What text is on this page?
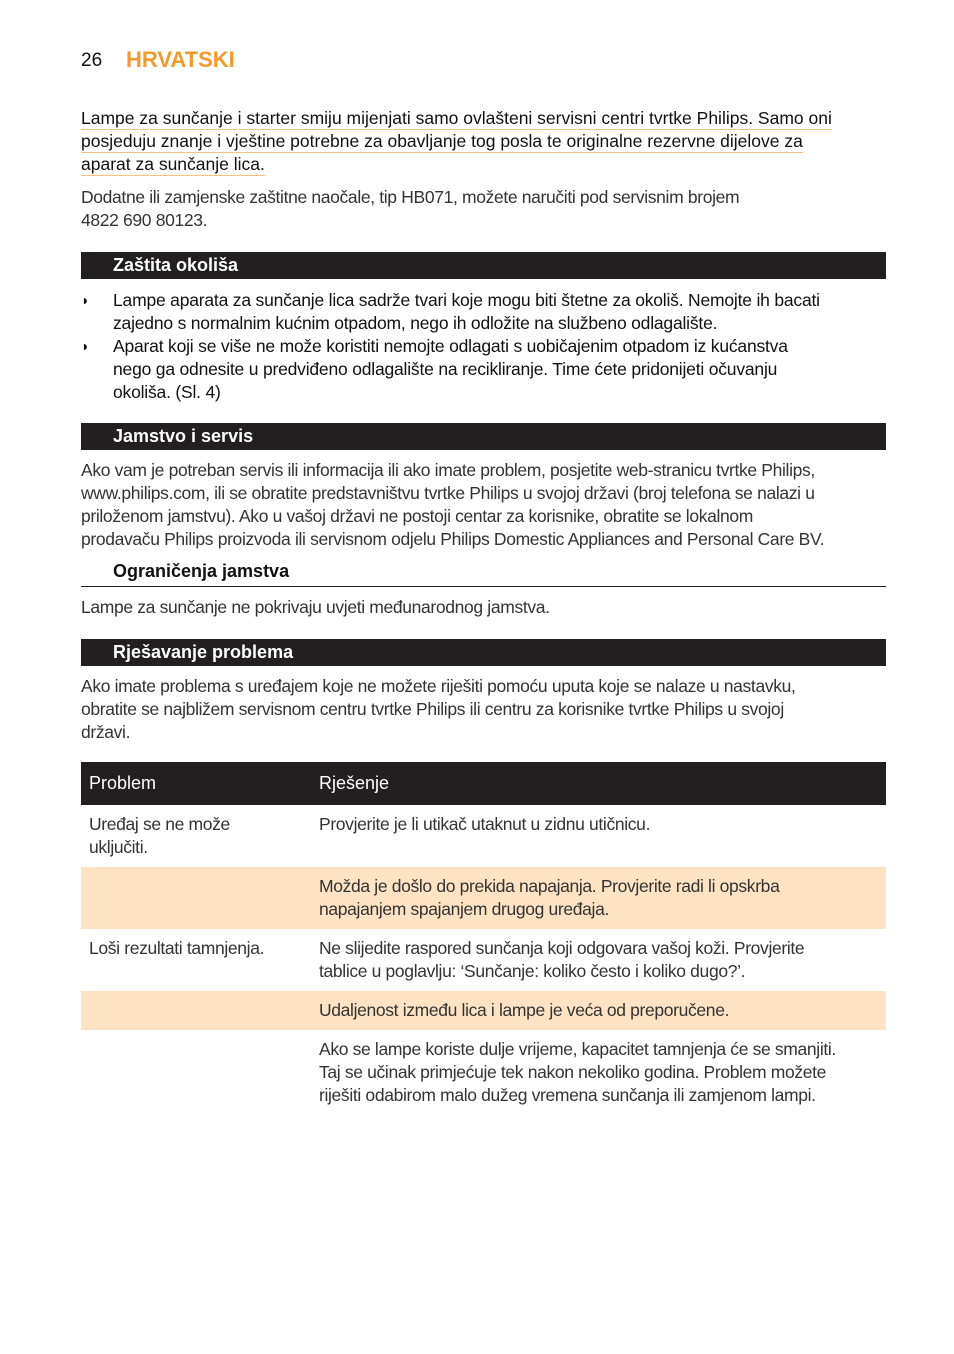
26 HRVATSKI
Lampe za sunčanje i starter smiju mijenjati samo ovlašteni servisni centri tvrtke Philips. Samo oni
posjeduju znanje i vještine potrebne za obavljanje tog posla te originalne rezervne dijelove za
aparat za sunčanje lica.
Dodatne ili zamjenske zaštitne naočale, tip HB071, možete naručiti pod servisnim brojem
4822 690 80123.
Zaštita okoliša
◗ Lampe aparata za sunčanje lica sadrže tvari koje mogu biti štetne za okoliš. Nemojte ih bacati
zajedno s normalnim kućnim otpadom, nego ih odložite na službeno odlagalište.
◗ Aparat koji se više ne može koristiti nemojte odlagati s uobičajenim otpadom iz kućanstva
nego ga odnesite u predviđeno odlagalište na recikliranje. Time ćete pridonijeti očuvanju
okoliša. (Sl. 4)
Jamstvo i servis
Ako vam je potreban servis ili informacija ili ako imate problem, posjetite web-stranicu tvrtke Philips,
www.philips.com, ili se obratite predstavništvu tvrtke Philips u svojoj državi (broj telefona se nalazi u
priloženom jamstvu). Ako u vašoj državi ne postoji centar za korisnike, obratite se lokalnom
prodavaču Philips proizvoda ili servisnom odjelu Philips Domestic Appliances and Personal Care BV.
Ograničenja jamstva
Lampe za sunčanje ne pokrivaju uvjeti međunarodnog jamstva.
Rješavanje problema
Ako imate problema s uređajem koje ne možete riješiti pomoću uputa koje se nalaze u nastavku,
obratite se najbližem servisnom centru tvrtke Philips ili centru za korisnike tvrtke Philips u svojoj
državi.
Problem	Rješenje

Uređaj se ne može
uključiti.	Provjerite je li utikač utaknut u zidnu utičnicu.

	Možda je došlo do prekida napajanja. Provjerite radi li opskrba
napajanjem spajanjem drugog uređaja.

Loši rezultati tamnjenja.	Ne slijedite raspored sunčanja koji odgovara vašoj koži. Provjerite
tablice u poglavlju: ‘Sunčanje: koliko često i koliko dugo?’.

	Udaljenost između lica i lampe je veća od preporučene.

	Ako se lampe koriste dulje vrijeme, kapacitet tamnjenja će se smanjiti.
Taj se učinak primjećuje tek nakon nekoliko godina. Problem možete
riješiti odabirom malo dužeg vremena sunčanja ili zamjenom lampi.
